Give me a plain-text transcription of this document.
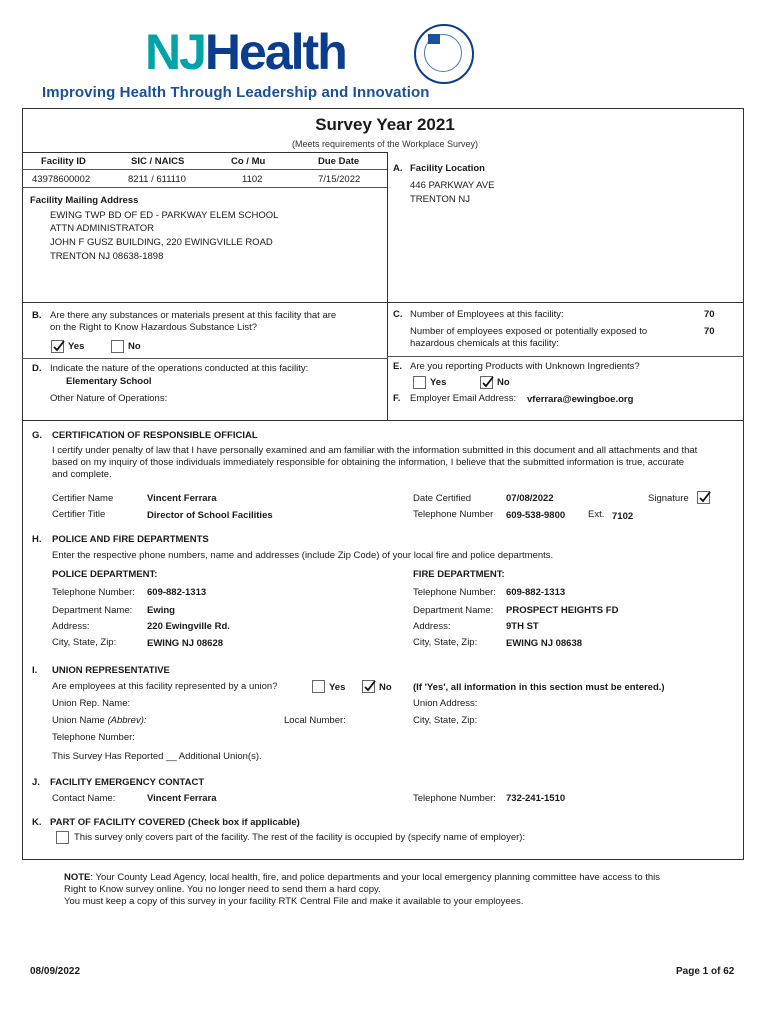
NJHealth
Improving Health Through Leadership and Innovation
Survey Year 2021
(Meets requirements of the Workplace Survey)
Facility ID	SIC / NAICS	Co / Mu	Due Date
43978600002	8211 / 611110	1102	7/15/2022
Facility Mailing Address
EWING TWP BD OF ED - PARKWAY ELEM SCHOOL
ATTN ADMINISTRATOR
JOHN F GUSZ BUILDING, 220 EWINGVILLE ROAD
TRENTON NJ 08638-1898
A. Facility Location
446 PARKWAY AVE
TRENTON NJ
B. Are there any substances or materials present at this facility that are
on the Right to Know Hazardous Substance List?
Yes	No
C. Number of Employees at this facility:	70
Number of employees exposed or potentially exposed to
hazardous chemicals at this facility:
70
D. Indicate the nature of the operations conducted at this facility:
Elementary School
Other Nature of Operations:
E. Are you reporting Products with Unknown Ingredients?
Yes	No
F. Employer Email Address: vferrara@ewingboe.org
G. CERTIFICATION OF RESPONSIBLE OFFICIAL
I certify under penalty of law that I have personally examined and am familiar with the information submitted in this document and all attachments and that
based on my inquiry of those individuals immediately responsible for obtaining the information, I believe that the submitted information is true, accurate
and complete.
Certifier Name	Vincent Ferrara
Certifier Title	Director of School Facilities
Date Certified	07/08/2022
Telephone Number 609-538-9800 Ext. 7102
Signature
H. POLICE AND FIRE DEPARTMENTS
Enter the respective phone numbers, name and addresses (include Zip Code) of your local fire and police departments.
POLICE DEPARTMENT:
Telephone Number: 609-882-1313
Department Name: Ewing
Address:	220 Ewingville Rd.
City, State, Zip:	EWING NJ 08628
FIRE DEPARTMENT:
Telephone Number: 609-882-1313
Department Name: PROSPECT HEIGHTS FD
Address:	9TH ST
City, State, Zip:	EWING NJ 08638
I. UNION REPRESENTATIVE
Are employees at this facility represented by a union?	Yes	No (If 'Yes', all information in this section must be entered.)
Union Rep. Name:	Union Address:
Union Name (Abbrev):	Local Number:	City, State, Zip:
Telephone Number:
This Survey Has Reported __ Additional Union(s).
J. FACILITY EMERGENCY CONTACT
Contact Name:	Vincent Ferrara	Telephone Number: 732-241-1510
K. PART OF FACILITY COVERED (Check box if applicable)
This survey only covers part of the facility. The rest of the facility is occupied by (specify name of employer):
NOTE: Your County Lead Agency, local health, fire, and police departments and your local emergency planning committee have access to this
Right to Know survey online. You no longer need to send them a hard copy.
You must keep a copy of this survey in your facility RTK Central File and make it available to your employees.
08/09/2022	Page 1 of 62
